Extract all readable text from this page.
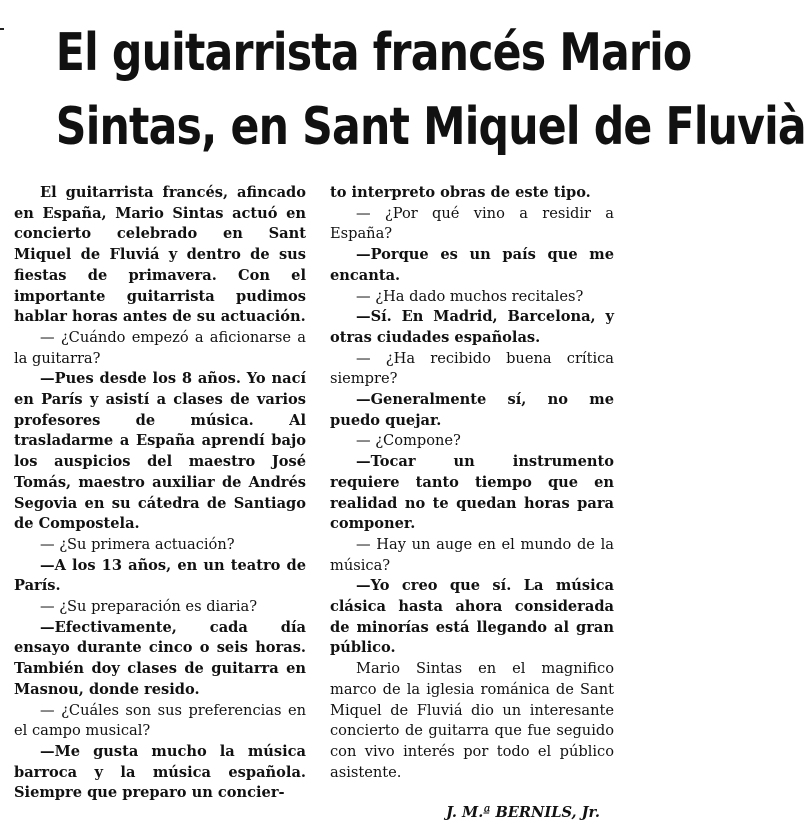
El guitarrista francés Mario
Sintas, en Sant Miquel de Fluvià

El guitarrista francés, afincado en España, Mario Sintas actuó en concierto celebrado en Sant Miquel de Fluviá y dentro de sus fiestas de primavera. Con el importante guitarrista pudimos hablar horas antes de su actuación.

— ¿Cuándo empezó a aficionarse a la guitarra?

—Pues desde los 8 años. Yo nací en París y asistí a clases de varios profesores de música. Al trasladarme a España aprendí bajo los auspicios del maestro José Tomás, maestro auxiliar de Andrés Segovia en su cátedra de Santiago de Compostela.

— ¿Su primera actuación?

—A los 13 años, en un teatro de París.

— ¿Su preparación es diaria?

—Efectivamente, cada día ensayo durante cinco o seis horas. También doy clases de guitarra en Masnou, donde resido.

— ¿Cuáles son sus preferencias en el campo musical?

—Me gusta mucho la música barroca y la música española. Siempre que preparo un concier-

to interpreto obras de este tipo.

— ¿Por qué vino a residir a España?

—Porque es un país que me encanta.

— ¿Ha dado muchos recitales?

—Sí. En Madrid, Barcelona, y otras ciudades españolas.

— ¿Ha recibido buena crítica siempre?

—Generalmente sí, no me puedo quejar.

— ¿Compone?

—Tocar un instrumento requiere tanto tiempo que en realidad no te quedan horas para componer.

— Hay un auge en el mundo de la música?

—Yo creo que sí. La música clásica hasta ahora considerada de minorías está llegando al gran público.

Mario Sintas en el magnifico marco de la iglesia románica de Sant Miquel de Fluviá dio un interesante concierto de guitarra que fue seguido con vivo interés por todo el público asistente.

J. M.ª BERNILS, Jr.
